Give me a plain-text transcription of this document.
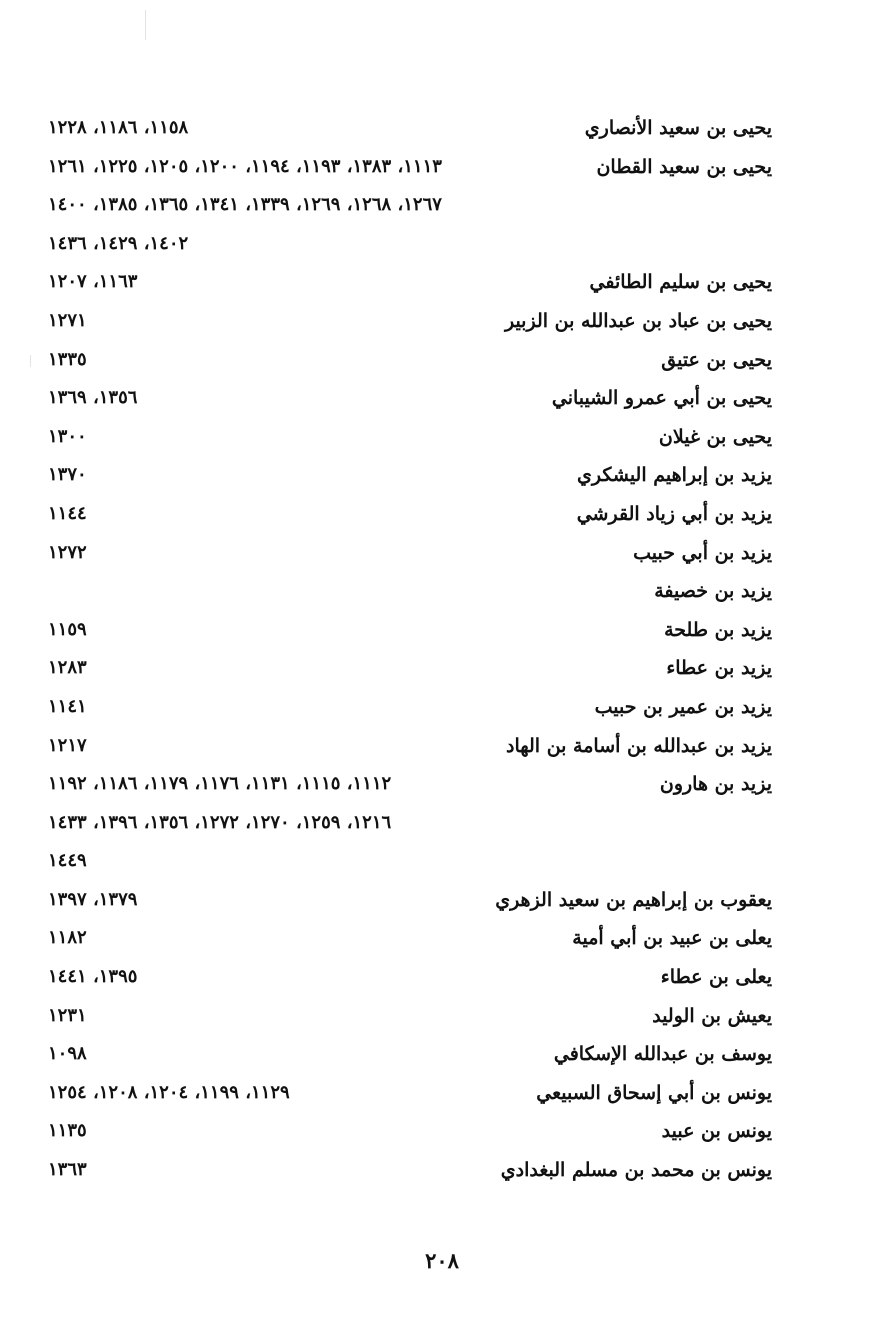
يحيى بن سعيد الأنصاري
١١٥٨، ١١٨٦، ١٢٢٨
يحيى بن سعيد القطان
١١١٣، ١٣٨٣، ١١٩٣، ١١٩٤، ١٢٠٠، ١٢٠٥، ١٢٢٥، ١٢٦١
١٢٦٧، ١٢٦٨، ١٢٦٩، ١٣٣٩، ١٣٤١، ١٣٦٥، ١٣٨٥، ١٤٠٠
١٤٠٢، ١٤٢٩، ١٤٣٦
يحيى بن سليم الطائفي
١١٦٣، ١٢٠٧
يحيى بن عباد بن عبدالله بن الزبير
١٢٧١
يحيى بن عتيق
١٣٣٥
يحيى بن أبي عمرو الشيباني
١٣٥٦، ١٣٦٩
يحيى بن غيلان
١٣٠٠
يزيد بن إبراهيم اليشكري
١٣٧٠
يزيد بن أبي زياد القرشي
١١٤٤
يزيد بن أبي حبيب
١٢٧٢
يزيد بن خصيفة
يزيد بن طلحة
١١٥٩
يزيد بن عطاء
١٢٨٣
يزيد بن عمير بن حبيب
١١٤١
يزيد بن عبدالله بن أسامة بن الهاد
١٢١٧
يزيد بن هارون
١١١٢، ١١١٥، ١١٣١، ١١٧٦، ١١٧٩، ١١٨٦، ١١٩٢
١٢١٦، ١٢٥٩، ١٢٧٠، ١٢٧٢، ١٣٥٦، ١٣٩٦، ١٤٣٣
١٤٤٩
يعقوب بن إبراهيم بن سعيد الزهري
١٣٧٩، ١٣٩٧
يعلى بن عبيد بن أبي أمية
١١٨٢
يعلى بن عطاء
١٣٩٥، ١٤٤١
يعيش بن الوليد
١٢٣١
يوسف بن عبدالله الإسكافي
١٠٩٨
يونس بن أبي إسحاق السبيعي
١١٢٩، ١١٩٩، ١٢٠٤، ١٢٠٨، ١٢٥٤
يونس بن عبيد
١١٣٥
يونس بن محمد بن مسلم البغدادي
١٣٦٣
٢٠٨
